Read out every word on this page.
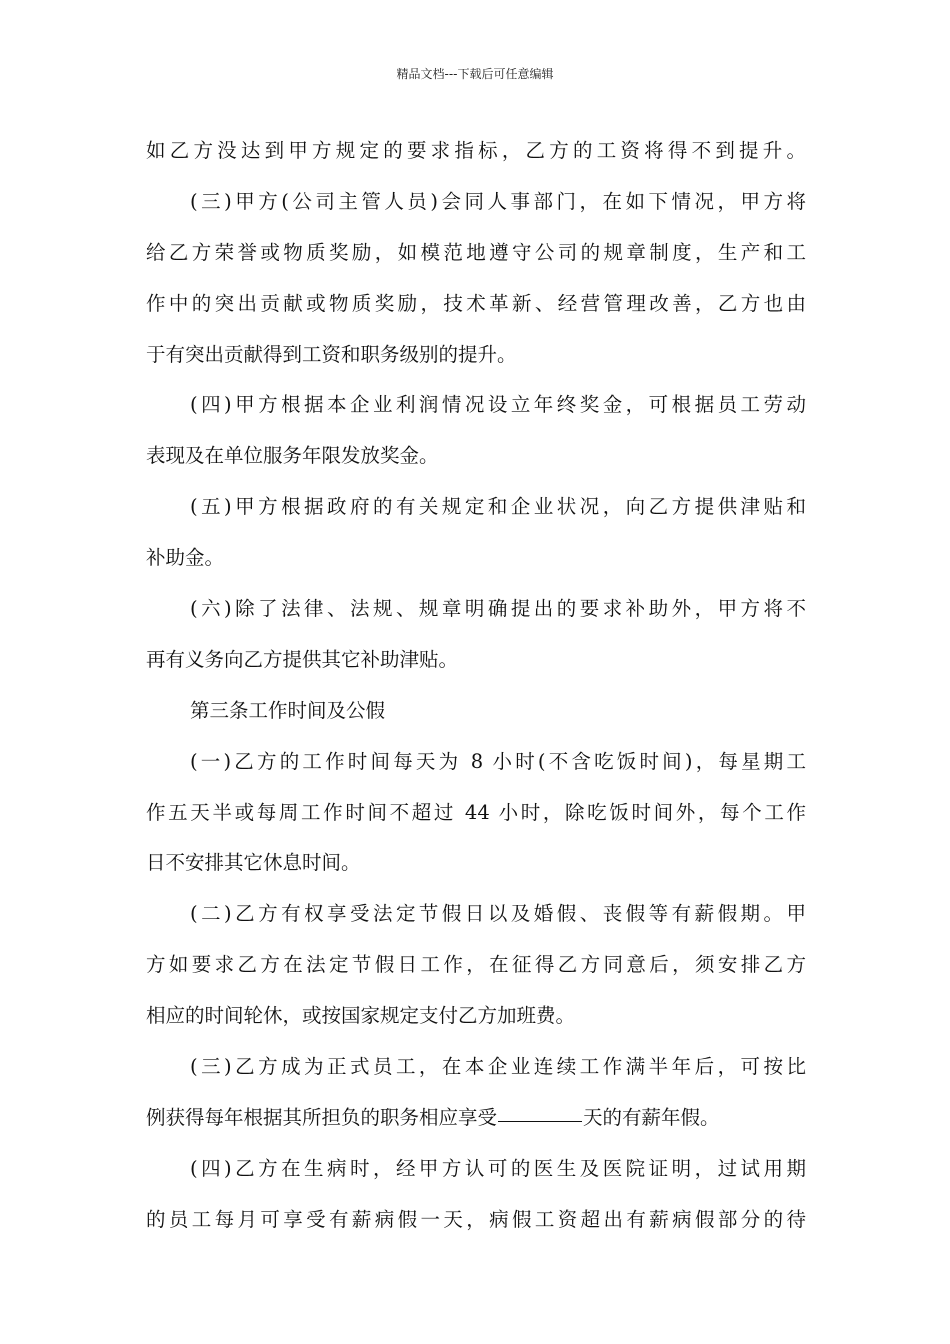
精品文档---下载后可任意编辑
如乙方没达到甲方规定的要求指标，乙方的工资将得不到提升。
(三)甲方(公司主管人员)会同人事部门，在如下情况，甲方将
给乙方荣誉或物质奖励，如模范地遵守公司的规章制度，生产和工
作中的突出贡献或物质奖励，技术革新、经营管理改善，乙方也由
于有突出贡献得到工资和职务级别的提升。
(四)甲方根据本企业利润情况设立年终奖金，可根据员工劳动
表现及在单位服务年限发放奖金。
(五)甲方根据政府的有关规定和企业状况，向乙方提供津贴和
补助金。
(六)除了法律、法规、规章明确提出的要求补助外，甲方将不
再有义务向乙方提供其它补助津贴。
第三条工作时间及公假
(一)乙方的工作时间每天为 8 小时(不含吃饭时间)，每星期工
作五天半或每周工作时间不超过 44 小时，除吃饭时间外，每个工作
日不安排其它休息时间。
(二)乙方有权享受法定节假日以及婚假、丧假等有薪假期。甲
方如要求乙方在法定节假日工作，在征得乙方同意后，须安排乙方
相应的时间轮休，或按国家规定支付乙方加班费。
(三)乙方成为正式员工，在本企业连续工作满半年后，可按比
例获得每年根据其所担负的职务相应享受	天的有薪年假。
(四)乙方在生病时，经甲方认可的医生及医院证明，过试用期
的员工每月可享受有薪病假一天，病假工资超出有薪病假部分的待
